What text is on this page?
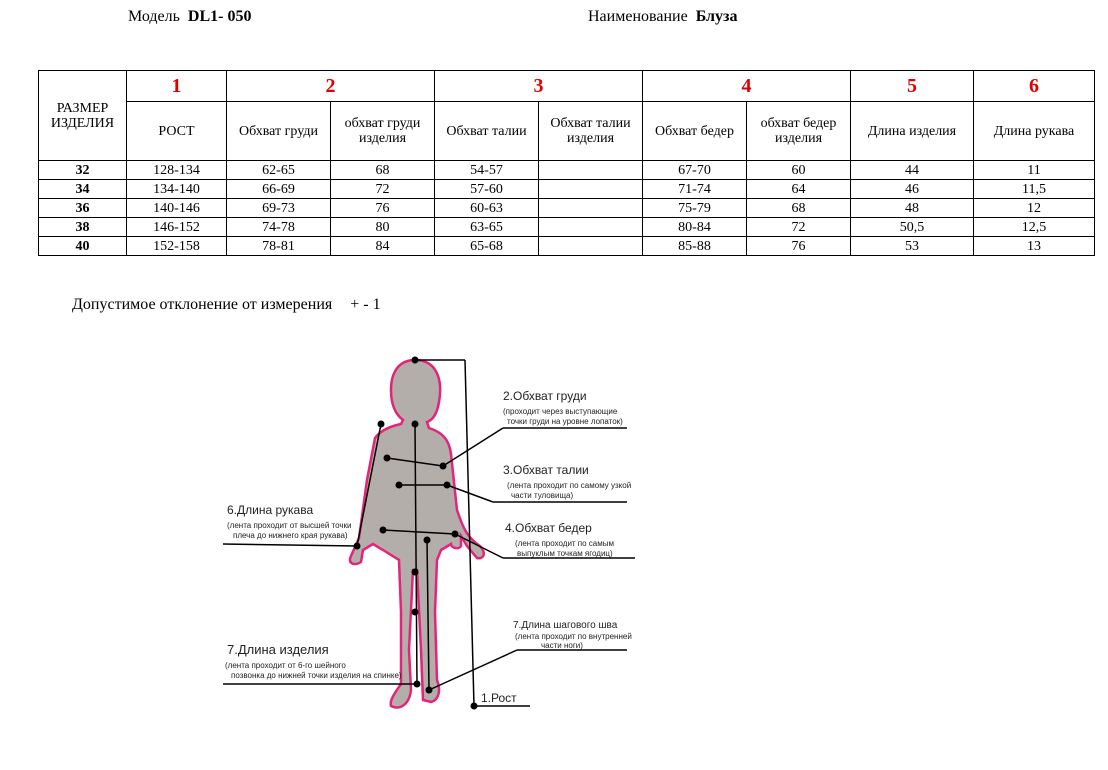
Модель DL1- 050	Наименование Блуза
РАЗМЕР ИЗДЕЛИЯ	1	2		3		4		5	6
	РОСТ	Обхват груди	обхват груди изделия	Обхват талии	Обхват талии изделия	Обхват бедер	обхват бедер изделия	Длина изделия	Длина рукава
32	128-134	62-65	68	54-57		67-70	60	44	11
34	134-140	66-69	72	57-60		71-74	64	46	11,5
36	140-146	69-73	76	60-63		75-79	68	48	12
38	146-152	74-78	80	63-65		80-84	72	50,5	12,5
40	152-158	78-81	84	65-68		85-88	76	53	13
Допустимое отклонение от измерения + - 1
2.Обхват груди
(проходит через выступающие
точки груди на уровне лопаток)
3.Обхват талии
(лента проходит по самому узкой
части туловища)
4.Обхват бедер
(лента проходит по самым
выпуклым точкам ягодиц)
6.Длина рукава
(лента проходит от высшей точки
плеча до нижнего края рукава)
7.Длина шагового шва
(лента проходит по внутренней
части ноги)
7.Длина изделия
(лента проходит от 6-го шейного
позвонка до нижней точки изделия на спинке)
1.Рост
